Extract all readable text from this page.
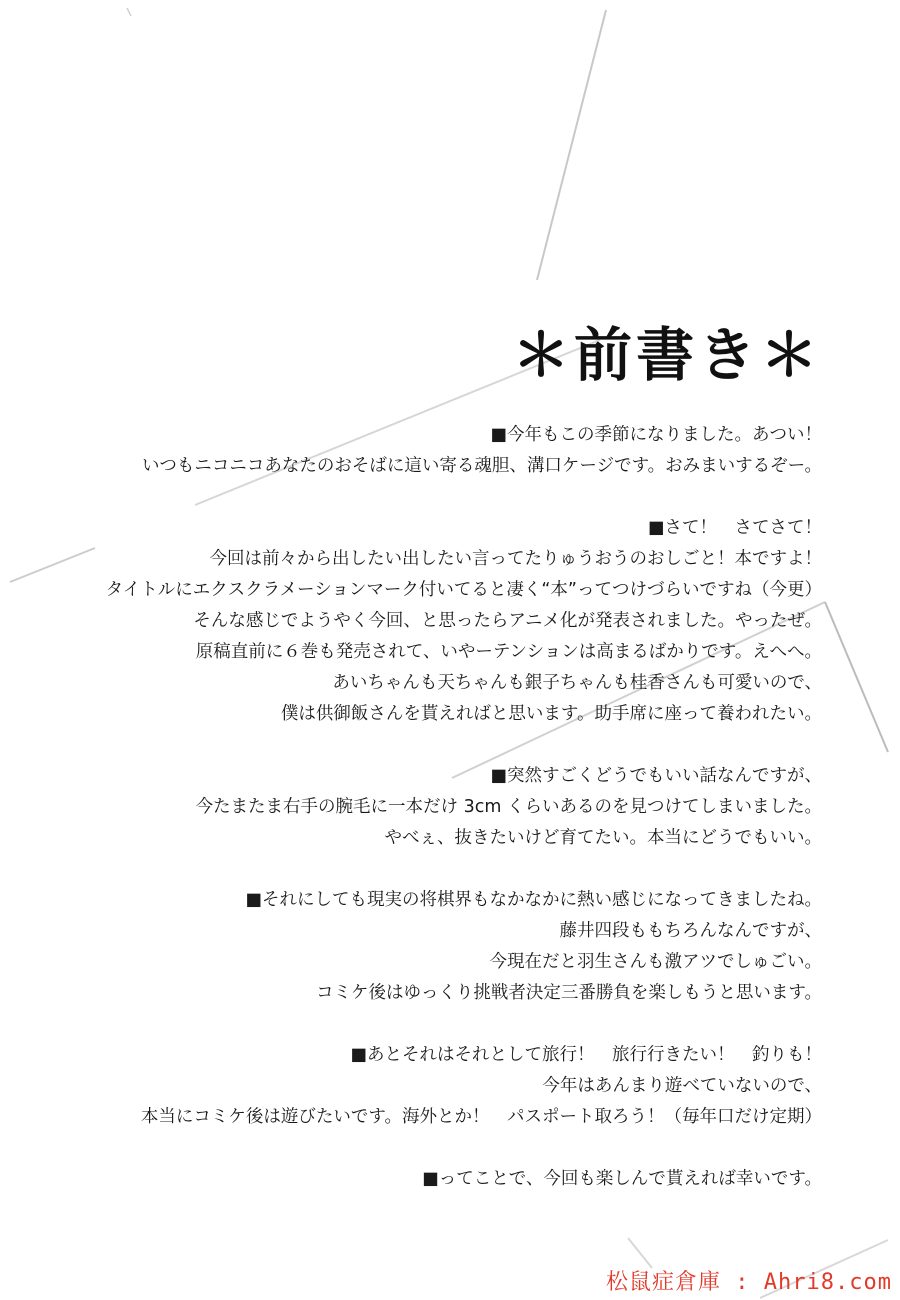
＊前書き＊
■今年もこの季節になりました。あつい！
いつもニコニコあなたのおそばに這い寄る魂胆、溝口ケージです。おみまいするぞー。
■さて！　さてさて！
今回は前々から出したい出したい言ってたりゅうおうのおしごと！本ですよ！
タイトルにエクスクラメーションマーク付いてると凄く“本”ってつけづらいですね（今更）
そんな感じでようやく今回、と思ったらアニメ化が発表されました。やったぜ。
原稿直前に６巻も発売されて、いやーテンションは高まるばかりです。えへへ。
あいちゃんも天ちゃんも銀子ちゃんも桂香さんも可愛いので、
僕は供御飯さんを貰えればと思います。助手席に座って養われたい。
■突然すごくどうでもいい話なんですが、
今たまたま右手の腕毛に一本だけ 3cm くらいあるのを見つけてしまいました。
やべぇ、抜きたいけど育てたい。本当にどうでもいい。
■それにしても現実の将棋界もなかなかに熱い感じになってきましたね。
藤井四段ももちろんなんですが、
今現在だと羽生さんも激アツでしゅごい。
コミケ後はゆっくり挑戦者決定三番勝負を楽しもうと思います。
■あとそれはそれとして旅行！　旅行行きたい！　釣りも！
今年はあんまり遊べていないので、
本当にコミケ後は遊びたいです。海外とか！　パスポート取ろう！（毎年口だけ定期）
■ってことで、今回も楽しんで貰えれば幸いです。
松鼠症倉庫 : Ahri8.com
